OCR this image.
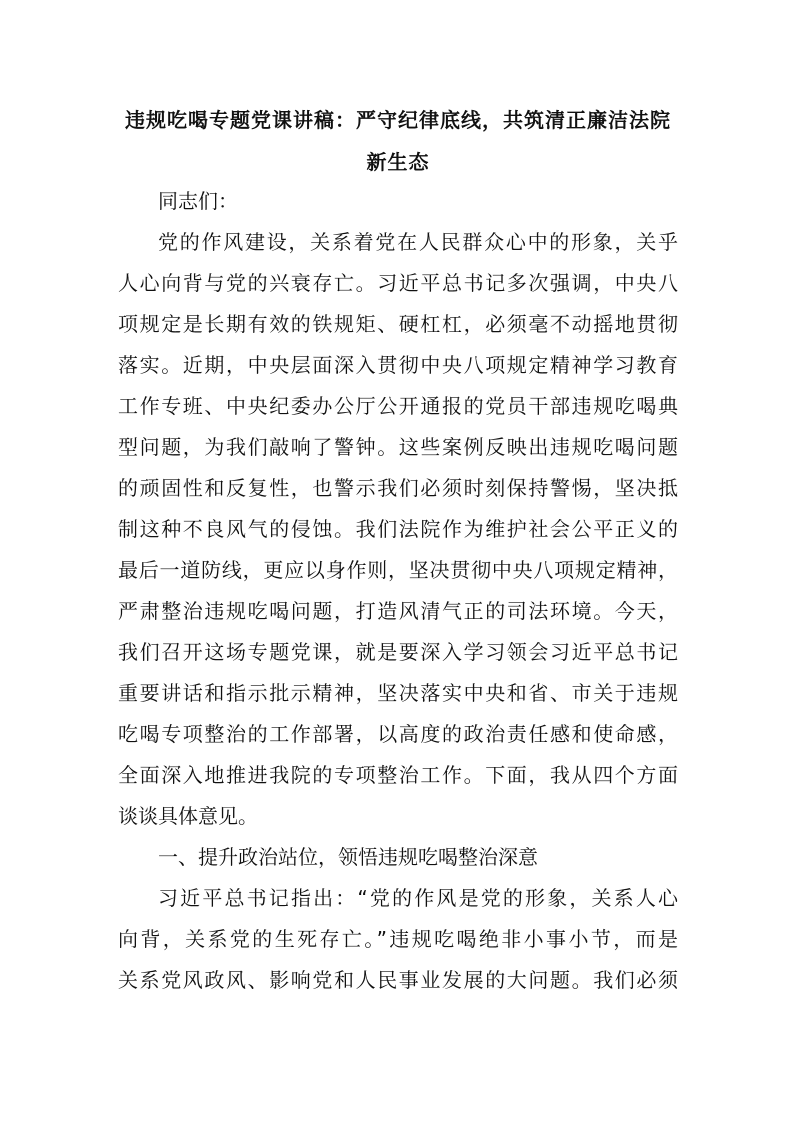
违规吃喝专题党课讲稿：严守纪律底线，共筑清正廉洁法院
新生态
同志们：
党的作风建设，关系着党在人民群众心中的形象，关乎
人心向背与党的兴衰存亡。习近平总书记多次强调，中央八
项规定是长期有效的铁规矩、硬杠杠，必须毫不动摇地贯彻
落实。近期，中央层面深入贯彻中央八项规定精神学习教育
工作专班、中央纪委办公厅公开通报的党员干部违规吃喝典
型问题，为我们敲响了警钟。这些案例反映出违规吃喝问题
的顽固性和反复性，也警示我们必须时刻保持警惕，坚决抵
制这种不良风气的侵蚀。我们法院作为维护社会公平正义的
最后一道防线，更应以身作则，坚决贯彻中央八项规定精神，
严肃整治违规吃喝问题，打造风清气正的司法环境。今天，
我们召开这场专题党课，就是要深入学习领会习近平总书记
重要讲话和指示批示精神，坚决落实中央和省、市关于违规
吃喝专项整治的工作部署，以高度的政治责任感和使命感，
全面深入地推进我院的专项整治工作。下面，我从四个方面
谈谈具体意见。
一、提升政治站位，领悟违规吃喝整治深意
习近平总书记指出：“党的作风是党的形象，关系人心
向背，关系党的生死存亡。”违规吃喝绝非小事小节，而是
关系党风政风、影响党和人民事业发展的大问题。我们必须
